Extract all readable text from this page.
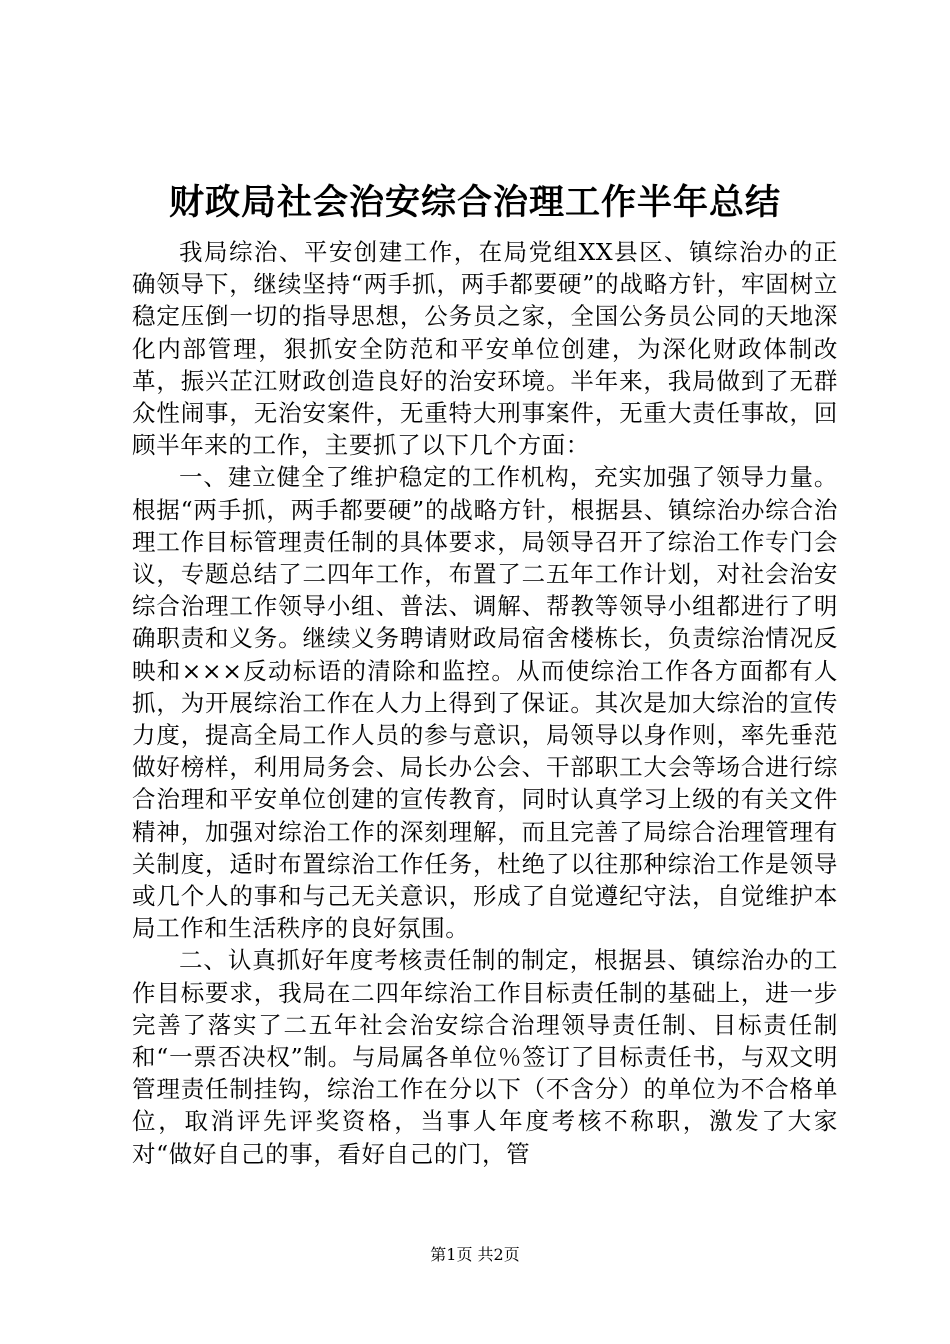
财政局社会治安综合治理工作半年总结

我局综治、平安创建工作，在局党组XX县区、镇综治办的正确领导下，继续坚持“两手抓，两手都要硬”的战略方针，牢固树立稳定压倒一切的指导思想，公务员之家，全国公务员公同的天地深化内部管理，狠抓安全防范和平安单位创建，为深化财政体制改革，振兴芷江财政创造良好的治安环境。半年来，我局做到了无群众性闹事，无治安案件，无重特大刑事案件，无重大责任事故，回顾半年来的工作，主要抓了以下几个方面：

一、建立健全了维护稳定的工作机构，充实加强了领导力量。根据“两手抓，两手都要硬”的战略方针，根据县、镇综治办综合治理工作目标管理责任制的具体要求，局领导召开了综治工作专门会议，专题总结了二四年工作，布置了二五年工作计划，对社会治安综合治理工作领导小组、普法、调解、帮教等领导小组都进行了明确职责和义务。继续义务聘请财政局宿舍楼栋长，负责综治情况反映和×××反动标语的清除和监控。从而使综治工作各方面都有人抓，为开展综治工作在人力上得到了保证。其次是加大综治的宣传力度，提高全局工作人员的参与意识，局领导以身作则，率先垂范做好榜样，利用局务会、局长办公会、干部职工大会等场合进行综合治理和平安单位创建的宣传教育，同时认真学习上级的有关文件精神，加强对综治工作的深刻理解，而且完善了局综合治理管理有关制度，适时布置综治工作任务，杜绝了以往那种综治工作是领导或几个人的事和与己无关意识，形成了自觉遵纪守法，自觉维护本局工作和生活秩序的良好氛围。

二、认真抓好年度考核责任制的制定，根据县、镇综治办的工作目标要求，我局在二四年综治工作目标责任制的基础上，进一步完善了落实了二五年社会治安综合治理领导责任制、目标责任制和“一票否决权”制。与局属各单位％签订了目标责任书，与双文明管理责任制挂钩，综治工作在分以下（不含分）的单位为不合格单位，取消评先评奖资格，当事人年度考核不称职，激发了大家对“做好自己的事，看好自己的门，管

第1页 共2页
